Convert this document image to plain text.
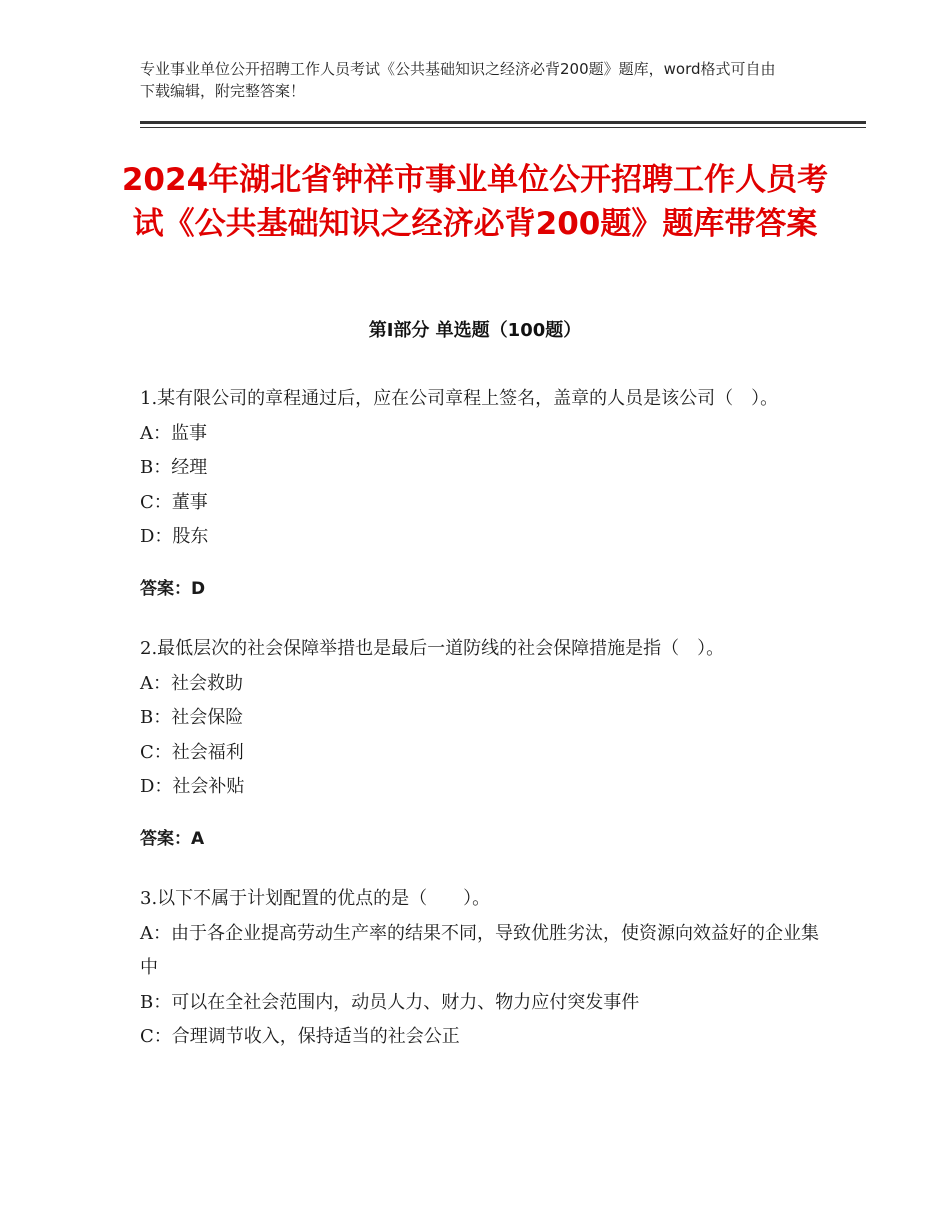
专业事业单位公开招聘工作人员考试《公共基础知识之经济必背200题》题库，word格式可自由下载编辑，附完整答案！
2024年湖北省钟祥市事业单位公开招聘工作人员考试《公共基础知识之经济必背200题》题库带答案
第Ⅰ部分 单选题（100题）

1.某有限公司的章程通过后，应在公司章程上签名，盖章的人员是该公司（　）。

A：监事

B：经理

C：董事

D：股东

答案：D

2.最低层次的社会保障举措也是最后一道防线的社会保障措施是指（　）。

A：社会救助

B：社会保险

C：社会福利

D：社会补贴

答案：A

3.以下不属于计划配置的优点的是（　　）。

A：由于各企业提高劳动生产率的结果不同，导致优胜劣汰，使资源向效益好的企业集中

B：可以在全社会范围内，动员人力、财力、物力应付突发事件

C：合理调节收入，保持适当的社会公正
